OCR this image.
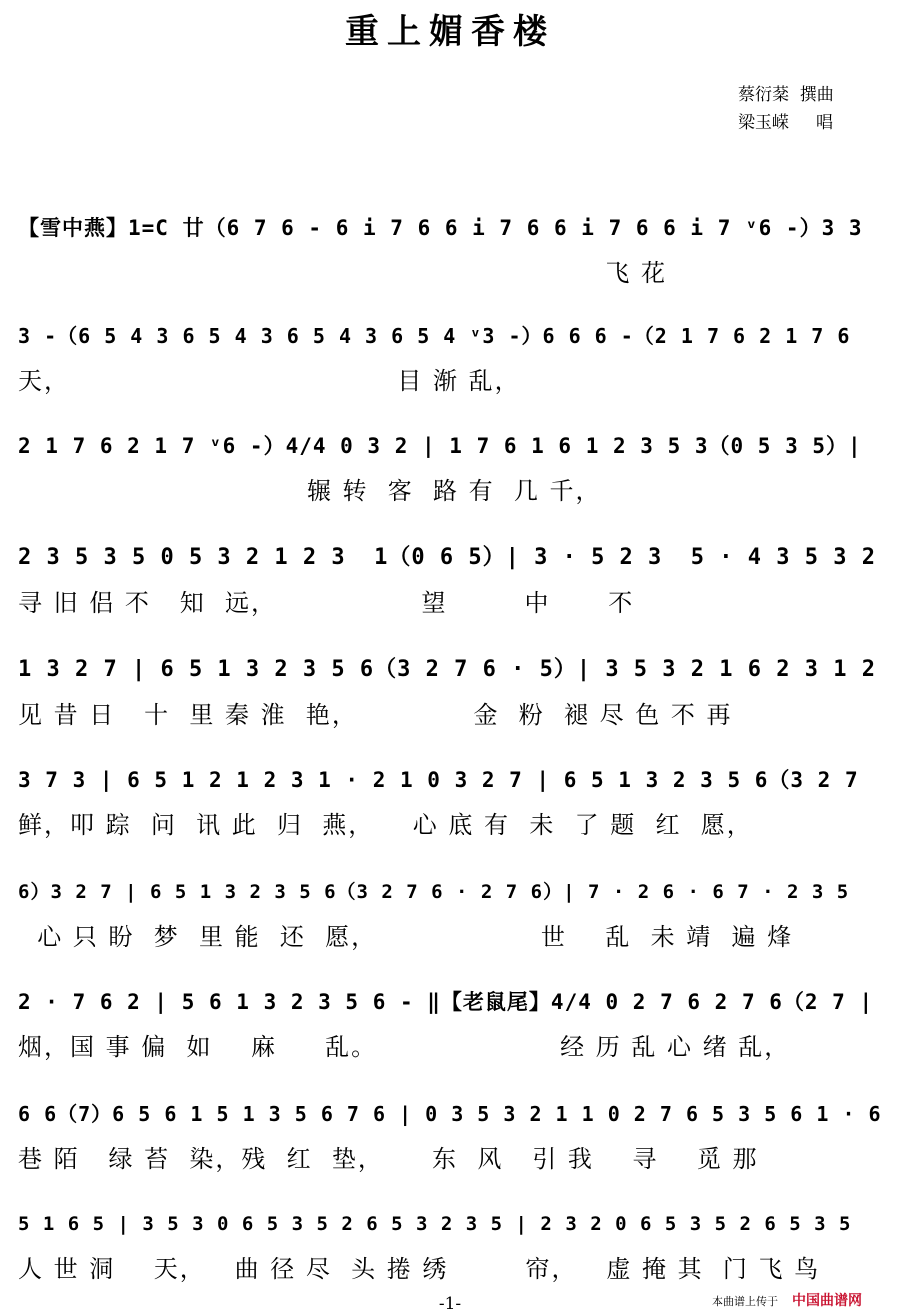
重上媚香楼
蔡衍棻  撰曲
梁玉嵘     唱
【雪中燕】1=C 廿（6 7 6 - 6 i 7 6 6 i 7 6 6 i 7 6 6 i 7 ᵛ6 -）3 3
飞 花
3 -（6 5 4 3 6 5 4 3 6 5 4 3 6 5 4 ᵛ3 -）6 6 6 -（2 1 7 6 2 1 7 6
天，                                  目 渐 乱，
2 1 7 6 2 1 7 ᵛ6 -）4/4 0 3 2 | 1 7 6 1 6 1 2 3 5 3（0 5 3 5）|
辗 转  客  路 有  几 千，
2 3 5 3 5 0 5 3 2 1 2 3  1（0 6 5）| 3 · 5 2 3  5 · 4 3 5 3 2
寻 旧 侣 不   知  远，               望        中      不
1 3 2 7 | 6 5 1 3 2 3 5 6（3 2 7 6 · 5）| 3 5 3 2 1 6 2 3 1 2
见 昔 日   十  里 秦 淮  艳，            金  粉  褪 尽 色 不 再
3 7 3 | 6 5 1 2 1 2 3 1 · 2 1 0 3 2 7 | 6 5 1 3 2 3 5 6（3 2 7
鲜，叩 踪  问  讯 此  归  燕，    心 底 有  未  了 题  红  愿，
6）3 2 7 | 6 5 1 3 2 3 5 6（3 2 7 6 · 2 7 6）| 7 · 2 6 · 6 7 · 2 3 5
心 只 盼  梦  里 能  还  愿，                 世    乱  未 靖  遍 烽
2 · 7 6 2 | 5 6 1 3 2 3 5 6 - ‖【老鼠尾】4/4 0 2 7 6 2 7 6（2 7 |
烟，国 事 偏  如    麻     乱。                   经 历 乱 心 绪 乱，
6 6（7）6 5 6 1 5 1 3 5 6 7 6 | 0 3 5 3 2 1 1 0 2 7 6 5 3 5 6 1 · 6
巷 陌   绿 苔  染，残  红  垫，     东  风   引 我    寻    觅 那
5 1 6 5 | 3 5 3 0 6 5 3 5 2 6 5 3 2 3 5 | 2 3 2 0 6 5 3 5 2 6 5 3 5
人 世 洞    天，   曲 径 尽  头 捲 绣        帘，   虚 掩 其  门 飞 鸟
-1-	本曲谱上传于 中国曲谱网
